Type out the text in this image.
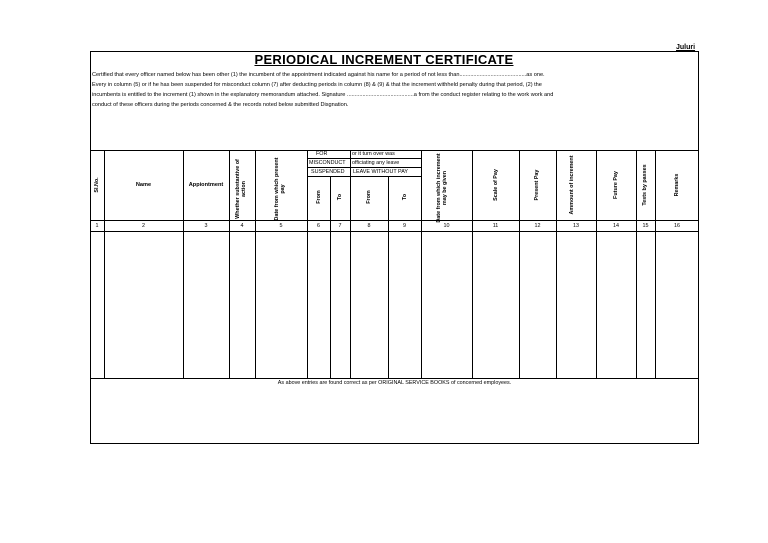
Juluri
PERIODICAL INCREMENT CERTIFICATE

Certified that every officer named below has been other (1) the incumbent of the appointment indicated against his name for a period of not less than...........................................as one.

Every in column (5) or if he has been suspended for misconduct column (7) after deducting periods in column (8) & (9) & that the increment withheld penalty during that period, (2) the

incumbents is entitled to the increment (1) shown in the explanatory memorandum attached. Signature ...........................................a from the conduct register relating to the work work and

conduct of these officers during the periods concerned & the records noted below submitted Disgnation.

Sl.No.	Name	Appiontment	Whether substantive of action	Date from which present pay
FOR
MISCONDUCT
SUSPENDED
or it turn over was
officiating any leave
LEAVE WITHOUT PAY
From	To	From	To	Date from which increment may be given	Scale of Pay	Present Pay	Ammount of increment	Future Pay	Tests by passes	Remarks
1	2	3	4	5	6	7	8	9	10	11	12	13	14	15	16
As above entries are found correct as per ORIGINAL SERVICE BOOKS of concerned employees.
